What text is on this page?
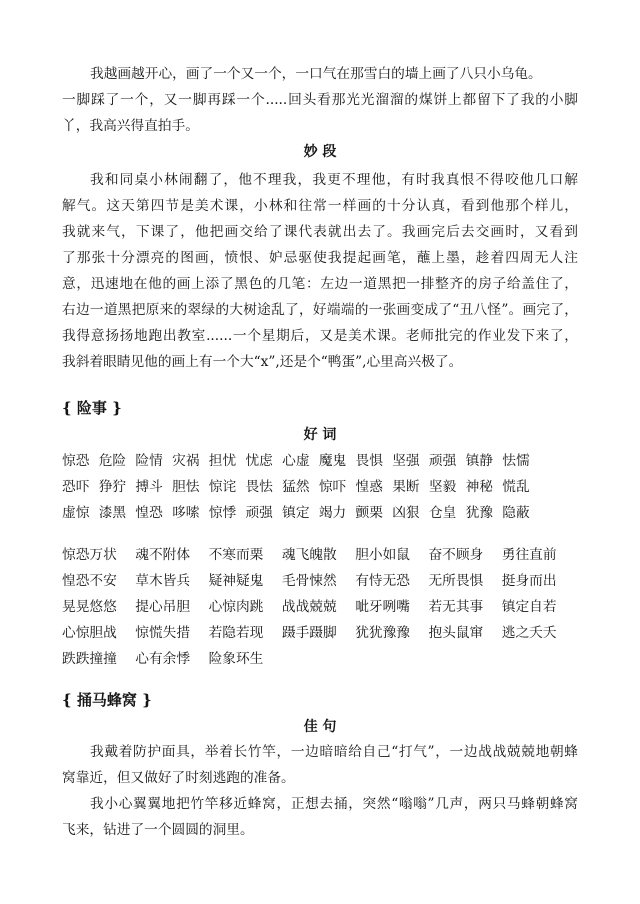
我越画越开心，画了一个又一个，一口气在那雪白的墙上画了八只小乌龟。
一脚踩了一个，又一脚再踩一个.....回头看那光光溜溜的煤饼上都留下了我的小脚
丫，我高兴得直拍手。
妙 段
我和同桌小林闹翻了，他不理我，我更不理他，有时我真恨不得咬他几口解
解气。这天第四节是美术课，小林和往常一样画的十分认真，看到他那个样儿，
我就来气，下课了，他把画交给了课代表就出去了。我画完后去交画时，又看到
了那张十分漂亮的图画，愤恨、妒忌驱使我提起画笔，蘸上墨，趁着四周无人注
意，迅速地在他的画上添了黑色的几笔：左边一道黑把一排整齐的房子给盖住了，
右边一道黑把原来的翠绿的大树途乱了，好端端的一张画变成了“丑八怪”。画完了，
我得意扬扬地跑出教室......一个星期后，又是美术课。老师批完的作业发下来了，
我斜着眼睛见他的画上有一个大“x”,还是个“鸭蛋”,心里高兴极了。
{ 险事 }
好 词
惊恐 危险 险情 灾祸 担忧 忧虑 心虚 魔鬼 畏惧 坚强 顽强 镇静 怯懦
恐吓 狰狞 搏斗 胆怯 惊诧 畏怯 猛然 惊吓 惶惑 果断 坚毅 神秘 慌乱
虚惊 漆黑 惶恐 哆嗦 惊悸 顽强 镇定 竭力 颤栗 凶狠 仓皇 犹豫 隐蔽
惊恐万状	魂不附体	不寒而栗	魂飞魄散	胆小如鼠	奋不顾身	勇往直前
惶恐不安	草木皆兵	疑神疑鬼	毛骨悚然	有恃无恐	无所畏惧	挺身而出
晃晃悠悠	提心吊胆	心惊肉跳	战战兢兢	呲牙咧嘴	若无其事	镇定自若
心惊胆战	惊慌失措	若隐若现	蹑手蹑脚	犹犹豫豫	抱头鼠窜	逃之夭夭
跌跌撞撞	心有余悸	险象环生
{ 捅马蜂窝 }
佳 句
我戴着防护面具，举着长竹竿，一边暗暗给自己“打气”，一边战战兢兢地朝蜂
窝靠近，但又做好了时刻逃跑的准备。
我小心翼翼地把竹竿移近蜂窝，正想去捅，突然“嗡嗡”几声，两只马蜂朝蜂窝
飞来，钻进了一个圆圆的洞里。
